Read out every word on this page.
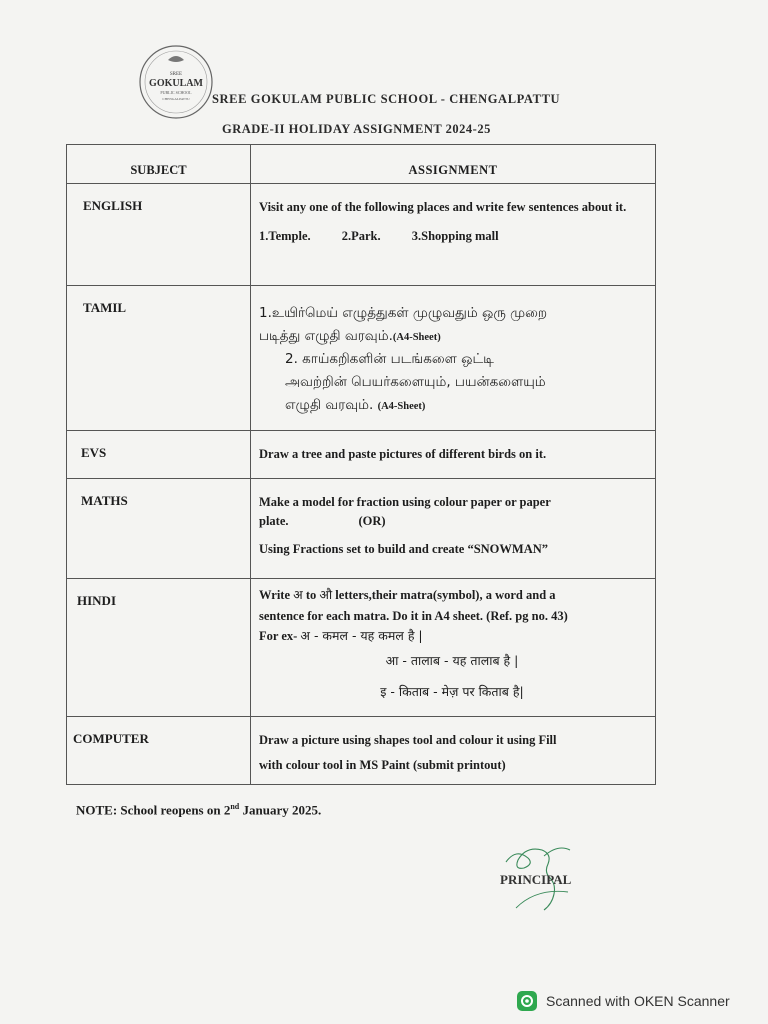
SREE
GOKULAM
PUBLIC SCHOOL
CHENGALPATTU SREE GOKULAM PUBLIC SCHOOL - CHENGALPATTU
GRADE-II HOLIDAY ASSIGNMENT 2024-25
SUBJECT	ASSIGNMENT
ENGLISH	Visit any one of the following places and write few sentences about it.
1.Temple. 2.Park. 3.Shopping mall
TAMIL	1.உயிர்மெய் எழுத்துகள் முழுவதும் ஒரு முறை
படித்து எழுதி வரவும்.(A4-Sheet)
2. காய்கறிகளின் படங்களை ஒட்டி
அவற்றின் பெயர்களையும், பயன்களையும்
எழுதி வரவும். (A4-Sheet)
EVS	Draw a tree and paste pictures of different birds on it.
MATHS	Make a model for fraction using colour paper or paper
plate.	(OR)
Using Fractions set to build and create “SNOWMAN”
HINDI	Write अ to औ letters,their matra(symbol), a word and a
sentence for each matra. Do it in A4 sheet. (Ref. pg no. 43)
For ex- अ - कमल - यह कमल है |
आ - तालाब - यह तालाब है |
इ - किताब - मेज़ पर किताब है|
COMPUTER	Draw a picture using shapes tool and colour it using Fill
with colour tool in MS Paint (submit printout)
NOTE: School reopens on 2nd January 2025.
PRINCIPAL
Scanned with OKEN Scanner
